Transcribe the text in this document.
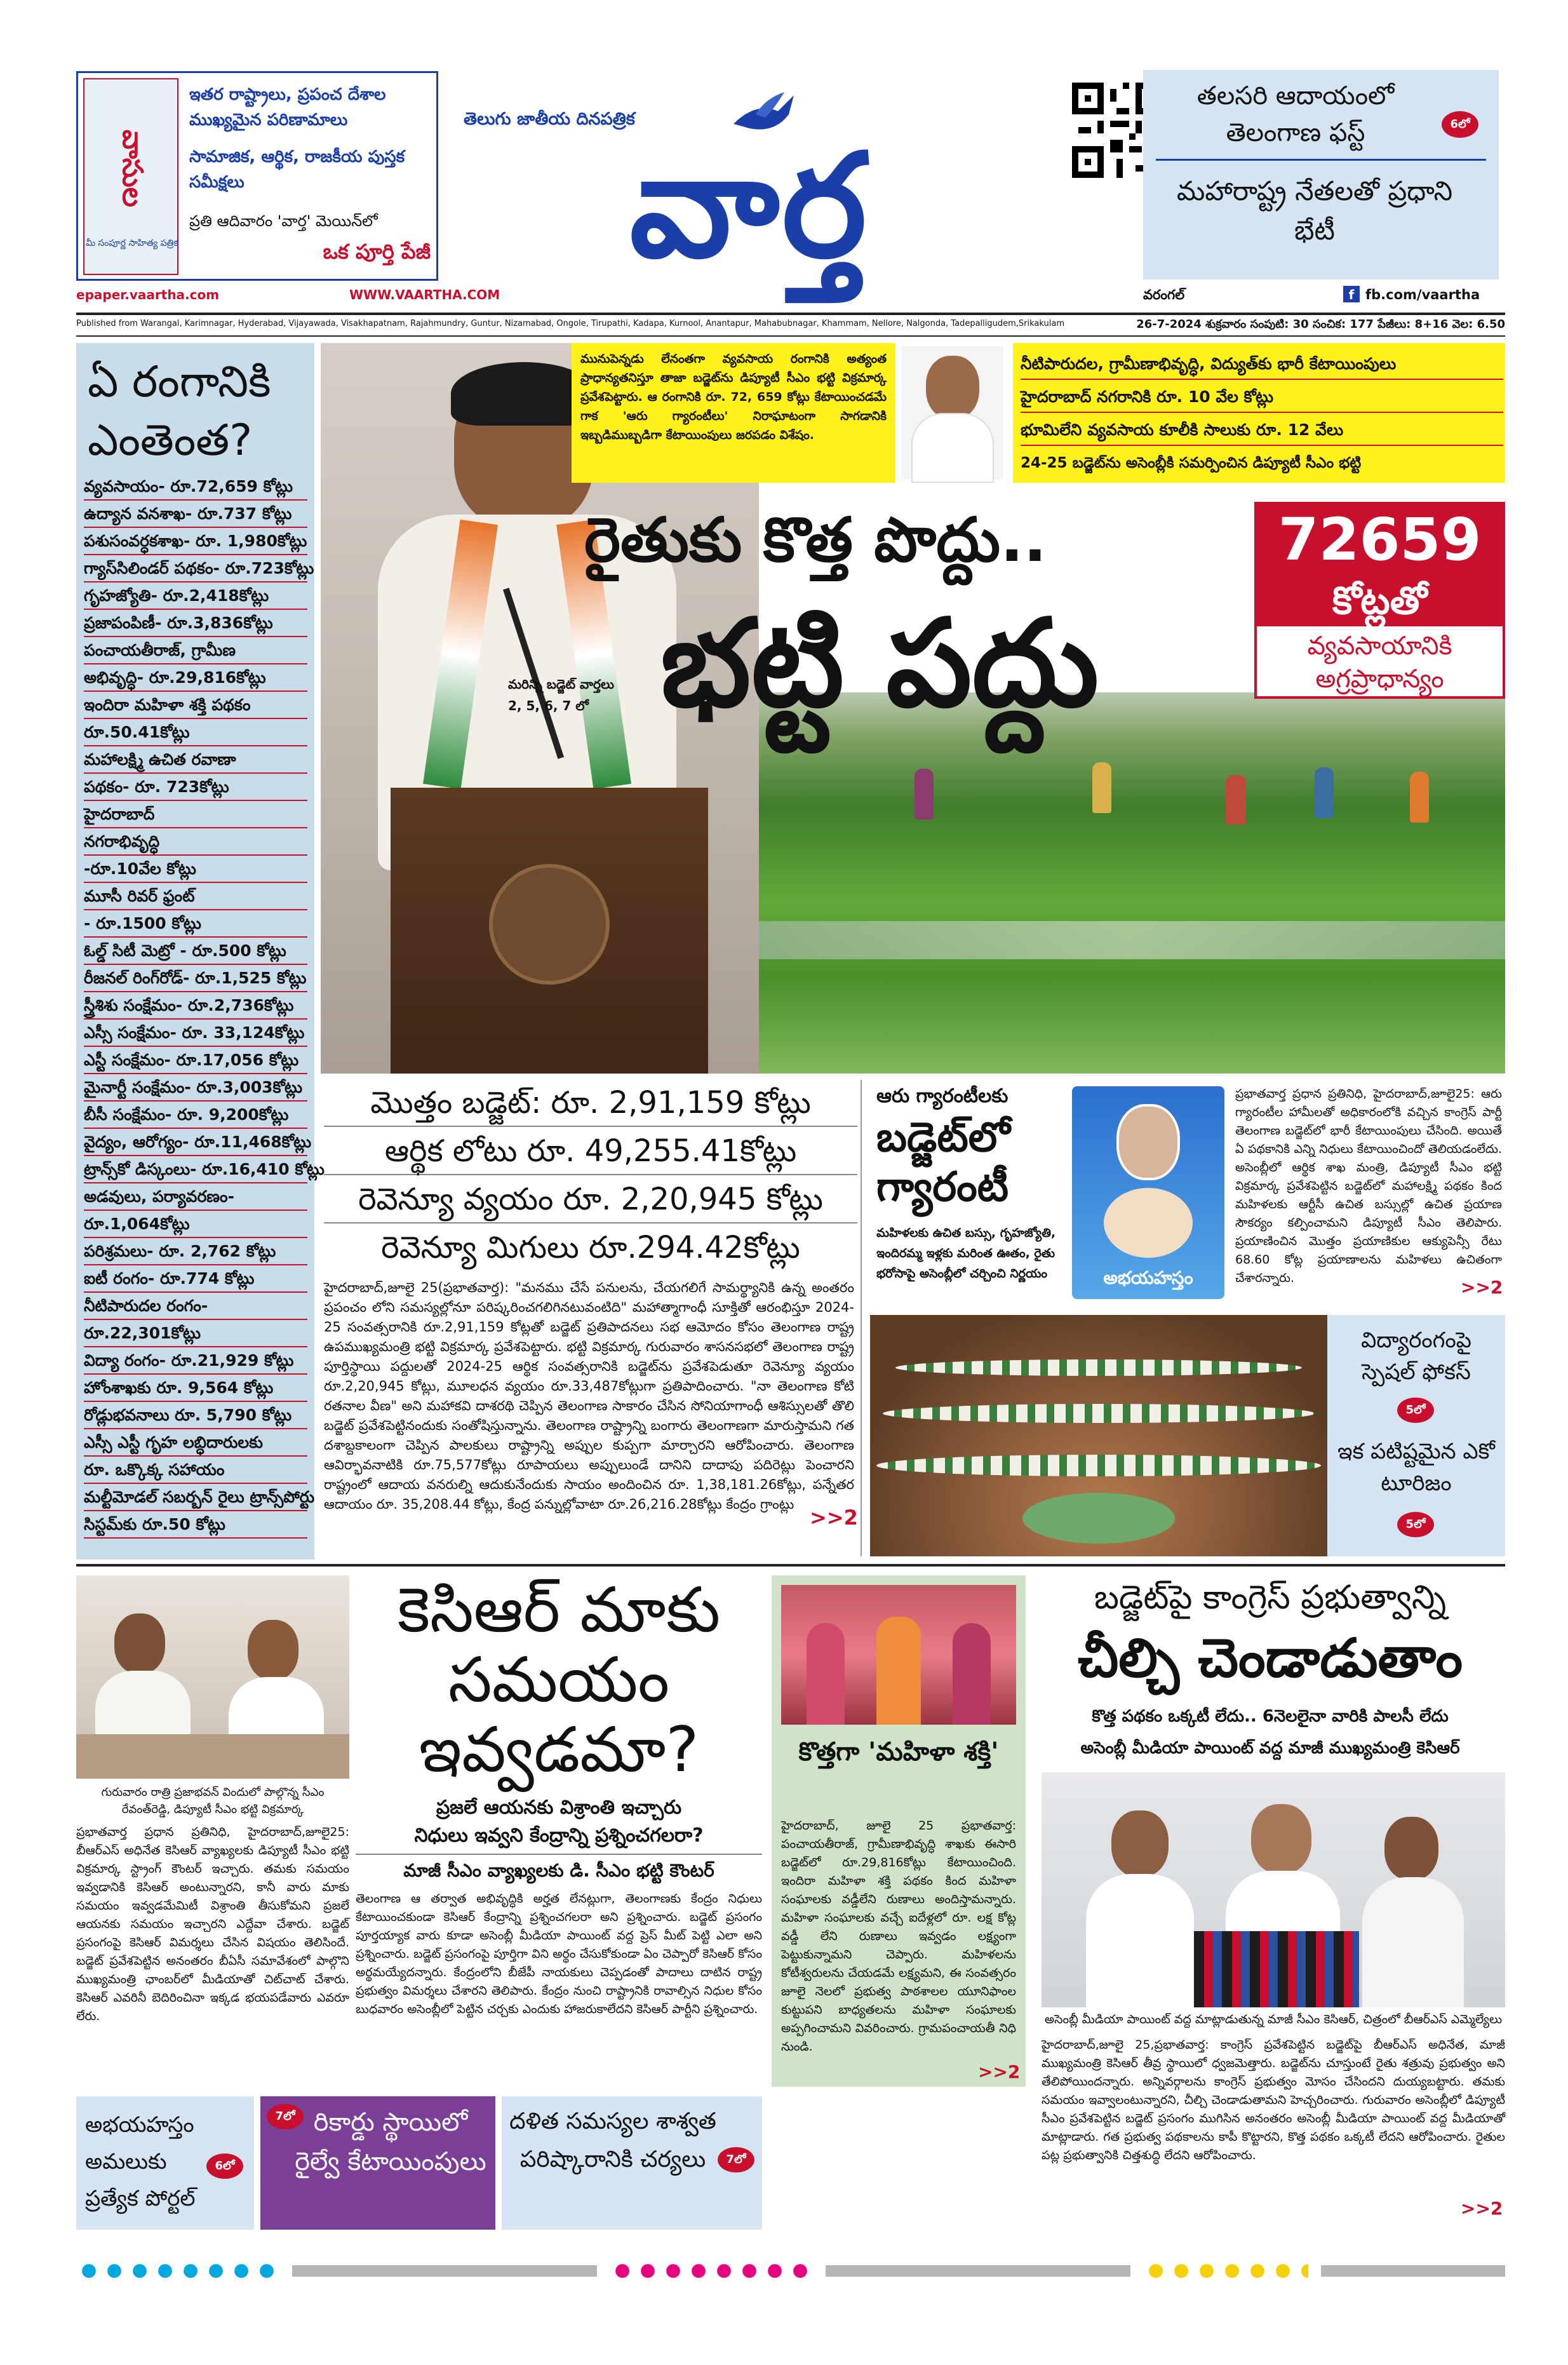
వాసుల
మీ సంపూర్ణ సాహిత్య పత్రిక
ఇతర రాష్ట్రాలు, ప్రపంచ దేశాల ముఖ్యమైన పరిణామాలు
సామాజిక, ఆర్థిక, రాజకీయ పుస్తక సమీక్షలు
ప్రతి ఆదివారం 'వార్త' మెయిన్‌లో
ఒక పూర్తి పేజీ
epaper.vaartha.com	WWW.VAARTHA.COM
తెలుగు జాతీయ దినపత్రిక
వార్త
తలసరి ఆదాయంలో తెలంగాణ ఫస్ట్	6లో
మహారాష్ట్ర నేతలతో ప్రధాని భేటీ
వరంగల్	f fb.com/vaartha
Published from Warangal, Karimnagar, Hyderabad, Vijayawada, Visakhapatnam, Rajahmundry, Guntur, Nizamabad, Ongole, Tirupathi, Kadapa, Kurnool, Anantapur, Mahabubnagar, Khammam, Nellore, Nalgonda, Tadepalligudem,Srikakulam	26-7-2024 శుక్రవారం సంపుటి: 30 సంచిక: 177 పేజీలు: 8+16 వెల: 6.50
ఏ రంగానికి ఎంతెంత?
వ్యవసాయం- రూ.72,659 కోట్లు
ఉద్యాన వనశాఖ- రూ.737 కోట్లు
పశుసంవర్ధకశాఖ- రూ. 1,980కోట్లు
గ్యాస్‌సిలిండర్ పథకం- రూ.723కోట్లు
గృహజ్యోతి- రూ.2,418కోట్లు
ప్రజాపంపిణీ- రూ.3,836కోట్లు
పంచాయతీరాజ్, గ్రామీణ
అభివృద్ధి- రూ.29,816కోట్లు
ఇందిరా మహిళా శక్తి పథకం
రూ.50.41కోట్లు
మహాలక్ష్మి ఉచిత రవాణా
పథకం- రూ. 723కోట్లు
హైదరాబాద్
నగరాభివృద్ధి
-రూ.10వేల కోట్లు
మూసీ రివర్ ఫ్రంట్
- రూ.1500 కోట్లు
ఓల్డ్ సిటీ మెట్రో - రూ.500 కోట్లు
రీజనల్ రింగ్‌రోడ్- రూ.1,525 కోట్లు
స్త్రీశిశు సంక్షేమం- రూ.2,736కోట్లు
ఎస్సీ సంక్షేమం- రూ. 33,124కోట్లు
ఎస్టీ సంక్షేమం- రూ.17,056 కోట్లు
మైనార్టీ సంక్షేమం- రూ.3,003కోట్లు
బీసీ సంక్షేమం- రూ. 9,200కోట్లు
వైద్యం, ఆరోగ్యం- రూ.11,468కోట్లు
ట్రాన్స్‌కో డిస్కంలు- రూ.16,410 కోట్లు
అడవులు, పర్యావరణం-
రూ.1,064కోట్లు
పరిశ్రమలు- రూ. 2,762 కోట్లు
ఐటీ రంగం- రూ.774 కోట్లు
నీటిపారుదల రంగం-
రూ.22,301కోట్లు
విద్యా రంగం- రూ.21,929 కోట్లు
హోంశాఖకు రూ. 9,564 కోట్లు
రోడ్లుభవనాలు రూ. 5,790 కోట్లు
ఎస్సీ ఎస్టీ గృహ లబ్ధిదారులకు
రూ. ఒక్కొక్క సహాయం
మల్టీమోడల్ సబర్బన్ రైలు ట్రాన్స్‌పోర్టు
సిస్టమ్‌కు రూ.50 కోట్లు
మరిన్ని బడ్జెట్ వార్తలు 2, 5, 6, 7 లో
మునుపెన్నడు లేనంతగా వ్యవసాయ రంగానికి అత్యంత ప్రాధాన్యతనిస్తూ తాజా బడ్జెట్‌ను డిప్యూటీ సీఎం భట్టి విక్రమార్క ప్రవేశపెట్టారు. ఆ రంగానికి రూ. 72, 659 కోట్లు కేటాయించడమే గాక 'ఆరు గ్యారంటీలు' నిరాఘాటంగా సాగడానికి ఇబ్బడిముబ్బడిగా కేటాయింపులు జరపడం విశేషం.
నీటిపారుదల, గ్రామీణాభివృద్ధి, విద్యుత్‌కు భారీ కేటాయింపులు
హైదరాబాద్ నగరానికి రూ. 10 వేల కోట్లు
భూమిలేని వ్యవసాయ కూలీకి సాలుకు రూ. 12 వేలు
24-25 బడ్జెట్‌ను అసెంబ్లీకి సమర్పించిన డిప్యూటీ సీఎం భట్టి
రైతుకు కొత్త పొద్దు..
భట్టి పద్దు
72659
కోట్లతో
వ్యవసాయానికి
అగ్రప్రాధాన్యం
మొత్తం బడ్జెట్: రూ. 2,91,159 కోట్లు
ఆర్థిక లోటు రూ. 49,255.41కోట్లు
రెవెన్యూ వ్యయం రూ. 2,20,945 కోట్లు
రెవెన్యూ మిగులు రూ.294.42కోట్లు
హైదరాబాద్,జూలై 25(ప్రభాతవార్త): "మనము చేసే పనులను, చేయగలిగే సామర్థ్యానికి ఉన్న అంతరం ప్రపంచం లోని సమస్యల్లోనూ పరిష్కరించగలిగినటువంటిది" మహాత్మాగాంధీ సూక్తితో ఆరంభిస్తూ 2024-25 సంవత్సరానికి రూ.2,91,159 కోట్లతో బడ్జెట్ ప్రతిపాదనలు సభ ఆమోదం కోసం తెలంగాణ రాష్ట్ర ఉపముఖ్యమంత్రి భట్టి విక్రమార్క ప్రవేశపెట్టారు. భట్టి విక్రమార్క గురువారం శాసనసభలో తెలంగాణ రాష్ట్ర పూర్తిస్థాయి పద్దులతో 2024-25 ఆర్థిక సంవత్సరానికి బడ్జెట్‌ను ప్రవేశపెడుతూ రెవెన్యూ వ్యయం రూ.2,20,945 కోట్లు, మూలధన వ్యయం రూ.33,487కోట్లుగా ప్రతిపాదించారు. "నా తెలంగాణ కోటి రతనాల వీణ" అని మహాకవి దాశరథి చెప్పిన తెలంగాణ సాకారం చేసిన సోనియాగాంధీ ఆశిస్సులతో తొలి బడ్జెట్ ప్రవేశపెట్టినందుకు సంతోషిస్తున్నాను. తెలంగాణ రాష్ట్రాన్ని బంగారు తెలంగాణగా మారుస్తామని గత దశాబ్దకాలంగా చెప్పిన పాలకులు రాష్ట్రాన్ని అప్పుల కుప్పగా మార్చారని ఆరోపించారు. తెలంగాణ ఆవిర్భావనాటికి రూ.75,577కోట్లు రూపాయలు అప్పులుండే దానిని దాదాపు పదిరెట్లు పెంచారని రాష్ట్రంలో ఆదాయ వనరుల్ని ఆదుకునేందుకు సాయం అందించిన రూ. 1,38,181.26కోట్లు, పన్నేతర ఆదాయం రూ. 35,208.44 కోట్లు, కేంద్ర పన్నుల్లోవాటా రూ.26,216.28కోట్లు కేంద్రం గ్రాంట్లు
>>2
ఆరు గ్యారంటీలకు
బడ్జెట్‌లో గ్యారంటీ
మహిళలకు ఉచిత బస్సు, గృహజ్యోతి, ఇందిరమ్మ ఇళ్లకు మరింత ఊతం, రైతు భరోసాపై అసెంబ్లీలో చర్చించి నిర్ణయం	అభయహస్తం
ప్రభాతవార్త ప్రధాన ప్రతినిధి, హైదరాబాద్,జూలై25: ఆరు గ్యారంటీల హామీలతో అధికారంలోకి వచ్చిన కాంగ్రెస్ పార్టీ తెలంగాణ బడ్జెట్‌లో భారీ కేటాయింపులు చేసింది. అయితే ఏ పథకానికి ఎన్ని నిధులు కేటాయించిందో తెలియడంలేదు. అసెంబ్లీలో ఆర్థిక శాఖ మంత్రి, డిప్యూటీ సీఎం భట్టి విక్రమార్క ప్రవేశపెట్టిన బడ్జెట్‌లో మహాలక్ష్మి పథకం కింద మహిళలకు ఆర్టీసీ ఉచిత బస్సుల్లో ఉచిత ప్రయాణ సౌకర్యం కల్పించామని డిప్యూటీ సీఎం తెలిపారు. ప్రయాణించిన మొత్తం ప్రయాణికుల ఆక్యుపెన్సీ రేటు 68.60 కోట్ల ప్రయాణాలను మహిళలు ఉచితంగా చేశారన్నారు.	>>2
విద్యారంగంపై స్పెషల్ ఫోకస్
5లో
ఇక పటిష్టమైన ఎకో టూరిజం
5లో
గురువారం రాత్రి ప్రజాభవన్ విందులో పాల్గొన్న సీఎం రేవంత్‌రెడ్డి, డిప్యూటీ సీఎం భట్టి విక్రమార్క
కెసిఆర్ మాకు సమయం ఇవ్వడమా?
ప్రజలే ఆయనకు విశ్రాంతి ఇచ్చారు
నిధులు ఇవ్వని కేంద్రాన్ని ప్రశ్నించగలరా?
మాజీ సీఎం వ్యాఖ్యలకు డి. సీఎం భట్టి కౌంటర్
ప్రభాతవార్త ప్రధాన ప్రతినిధి, హైదరాబాద్,జూలై25: బీఆర్ఎస్ అధినేత కెసిఆర్ వ్యాఖ్యలకు డిప్యూటీ సీఎం భట్టి విక్రమార్క స్ట్రాంగ్ కౌంటర్ ఇచ్చారు. తమకు సమయం ఇవ్వడానికి కెసిఆర్ అంటున్నారని, కానీ వారు మాకు సమయం ఇవ్వడమేమిటీ విశ్రాంతి తీసుకోమని ప్రజలే ఆయనకు సమయం ఇచ్చారని ఎద్దేవా చేశారు. బడ్జెట్ ప్రసంగంపై కెసిఆర్ విమర్శలు చేసిన విషయం తెలిసిందే. బడ్జెట్ ప్రవేశపెట్టిన అనంతరం బీఏసీ సమావేశంలో పాల్గొని ముఖ్యమంత్రి ఛాంబర్‌లో మీడియాతో చిట్‌చాట్ చేశారు. కెసిఆర్ ఎవరినీ బెదిరించినా ఇక్కడ భయపడేవారు ఎవరూ లేరు.
తెలంగాణ ఆ తర్వాత అభివృద్ధికి అర్హత లేనట్లుగా, తెలంగాణకు కేంద్రం నిధులు కేటాయించకుండా కెసిఆర్ కేంద్రాన్ని ప్రశ్నించగలరా అని ప్రశ్నించారు. బడ్జెట్ ప్రసంగం పూర్తయ్యాక వారు కూడా అసెంబ్లీ మీడియా పాయింట్ వద్ద ప్రెస్ మీట్ పెట్టి ఎలా అని ప్రశ్నించారు. బడ్జెట్ ప్రసంగంపై పూర్తిగా విని అర్థం చేసుకోకుండా ఏం చెప్పారో కెసిఆర్ కోసం అర్థమయ్యేదన్నారు. కేంద్రంలోని బీజేపీ నాయకులు చెప్పడంతో పాదాలు దాటిన రాష్ట్ర ప్రభుత్వం విమర్శలు చేశారని తెలిపారు. కేంద్రం నుంచి రాష్ట్రానికి రావాల్సిన నిధుల కోసం బుధవారం అసెంబ్లీలో పెట్టిన చర్చకు ఎందుకు హాజరుకాలేదని కెసిఆర్ పార్టీని ప్రశ్నించారు.
కొత్తగా 'మహిళా శక్తి'
హైదరాబాద్, జూలై 25 ప్రభాతవార్త: పంచాయతీరాజ్, గ్రామీణాభివృద్ధి శాఖకు ఈసారి బడ్జెట్‌లో రూ.29,816కోట్లు కేటాయించింది. ఇందిరా మహిళా శక్తి పథకం కింద మహిళా సంఘాలకు వడ్డీలేని రుణాలు అందిస్తామన్నారు. మహిళా సంఘాలకు వచ్చే ఐదేళ్లలో రూ. లక్ష కోట్ల వడ్డీ లేని రుణాలు ఇవ్వడం లక్ష్యంగా పెట్టుకున్నామని చెప్పారు. మహిళలను కోటీశ్వరులను చేయడమే లక్ష్యమని, ఈ సంవత్సరం జూలై నెలలో ప్రభుత్వ పాఠశాలల యూనిఫాంల కుట్టుపని బాధ్యతలను మహిళా సంఘాలకు అప్పగించామని వివరించారు. గ్రామపంచాయతీ నిధి నుండి.
>>2
బడ్జెట్‌పై కాంగ్రెస్ ప్రభుత్వాన్ని
చీల్చి చెండాడుతాం
కొత్త పథకం ఒక్కటీ లేదు.. 6నెలలైనా వారికి పాలసీ లేదు
అసెంబ్లీ మీడియా పాయింట్ వద్ద మాజీ ముఖ్యమంత్రి కెసిఆర్
అసెంబ్లీ మీడియా పాయింట్ వద్ద మాట్లాడుతున్న మాజీ సీఎం కెసిఆర్, చిత్రంలో బీఆర్ఎస్ ఎమ్మెల్యేలు
హైదరాబాద్,జూలై 25,ప్రభాతవార్త: కాంగ్రెస్ ప్రవేశపెట్టిన బడ్జెట్‌పై బీఆర్ఎస్ అధినేత, మాజీ ముఖ్యమంత్రి కెసిఆర్ తీవ్ర స్థాయిలో ధ్వజమెత్తారు. బడ్జెట్‌ను చూస్తుంటే రైతు శత్రువు ప్రభుత్వం అని తేలిపోయిందన్నారు. అన్నివర్గాలను కాంగ్రెస్ ప్రభుత్వం మోసం చేసిందని దుయ్యబట్టారు. తమకు సమయం ఇవ్వాలంటున్నారని, చీల్చి చెండాడుతామని హెచ్చరించారు. గురువారం అసెంబ్లీలో డిప్యూటీ సీఎం ప్రవేశపెట్టిన బడ్జెట్ ప్రసంగం ముగిసిన అనంతరం అసెంబ్లీ మీడియా పాయింట్ వద్ద మీడియాతో మాట్లాడారు. గత ప్రభుత్వ పథకాలను కాపీ కొట్టారని, కొత్త పథకం ఒక్కటీ లేదని ఆరోపించారు. రైతుల పట్ల ప్రభుత్వానికి చిత్తశుద్ధి లేదని ఆరోపించారు.
>>2
అభయహస్తం అమలుకు ప్రత్యేక పోర్టల్
6లో
రికార్డు స్థాయిలో రైల్వే కేటాయింపులు
7లో	దళిత సమస్యల శాశ్వత పరిష్కారానికి చర్యలు	7లో
